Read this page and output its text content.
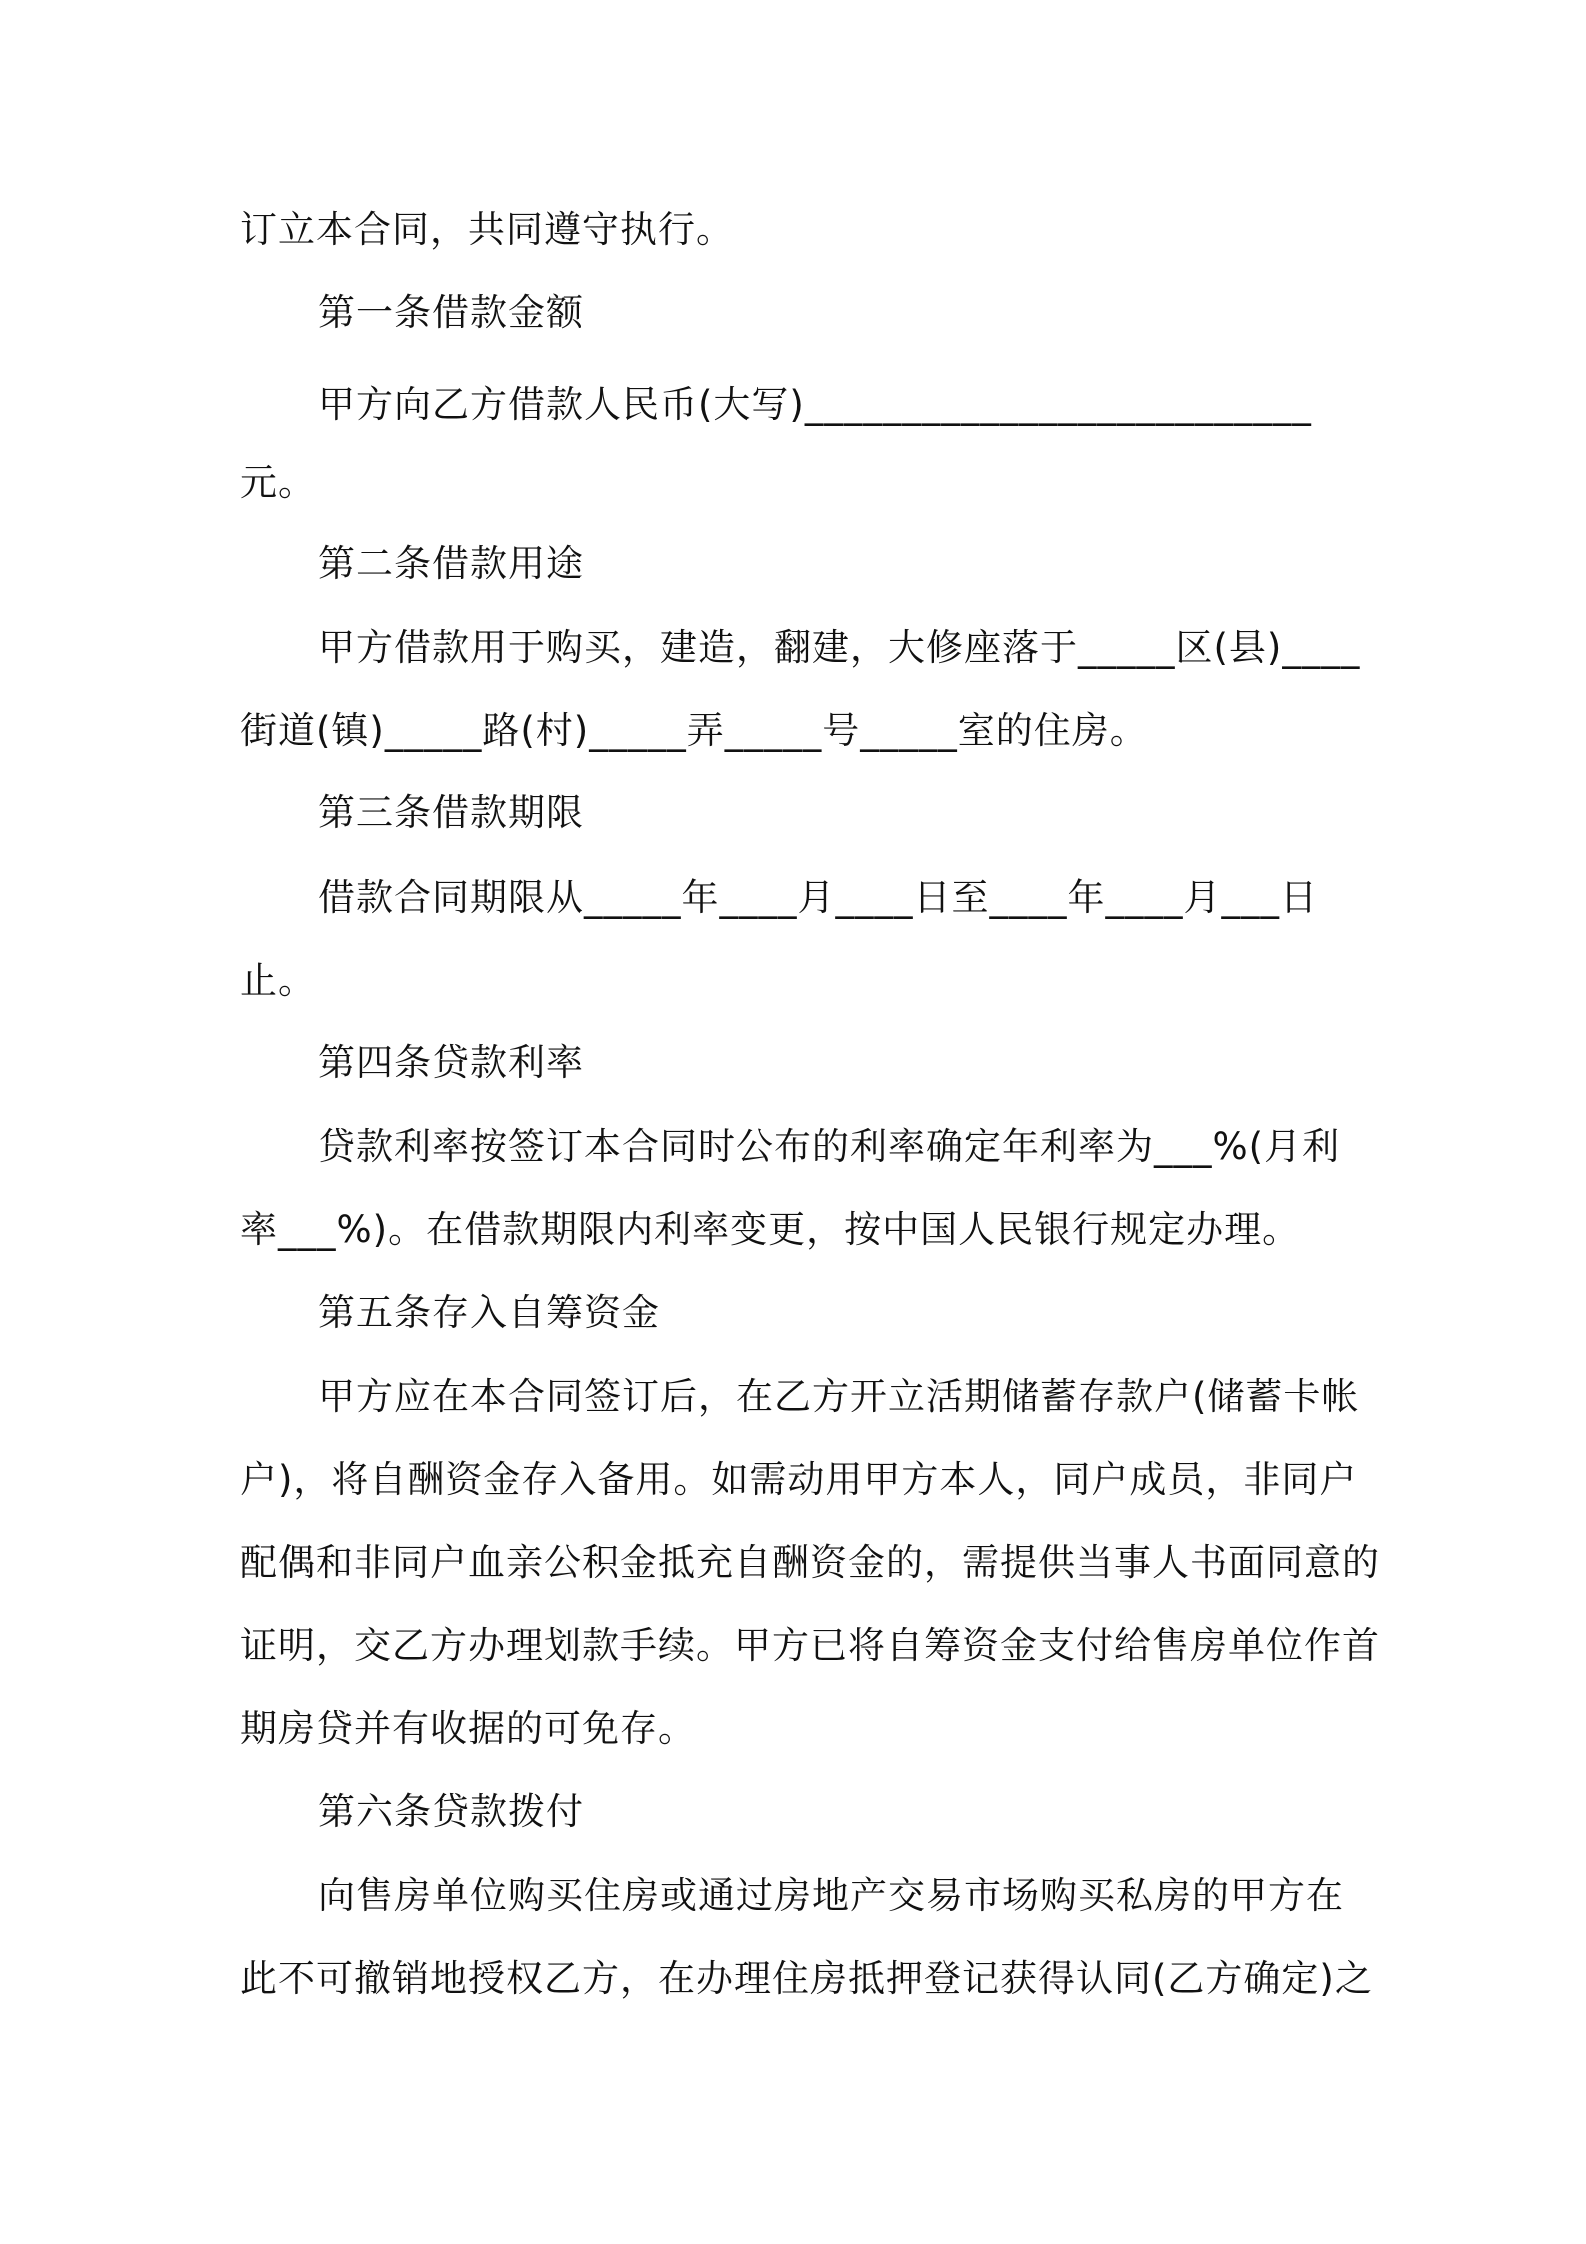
订立本合同，共同遵守执行。
第一条借款金额
甲方向乙方借款人民币(大写)__________________________
元。
第二条借款用途
甲方借款用于购买，建造，翻建，大修座落于_____区(县)____
街道(镇)_____路(村)_____弄_____号_____室的住房。
第三条借款期限
借款合同期限从_____年____月____日至____年____月___日
止。
第四条贷款利率
贷款利率按签订本合同时公布的利率确定年利率为___%(月利
率___%)。在借款期限内利率变更，按中国人民银行规定办理。
第五条存入自筹资金
甲方应在本合同签订后，在乙方开立活期储蓄存款户(储蓄卡帐
户)，将自酬资金存入备用。如需动用甲方本人，同户成员，非同户
配偶和非同户血亲公积金抵充自酬资金的，需提供当事人书面同意的
证明，交乙方办理划款手续。甲方已将自筹资金支付给售房单位作首
期房贷并有收据的可免存。
第六条贷款拨付
向售房单位购买住房或通过房地产交易市场购买私房的甲方在
此不可撤销地授权乙方，在办理住房抵押登记获得认同(乙方确定)之
